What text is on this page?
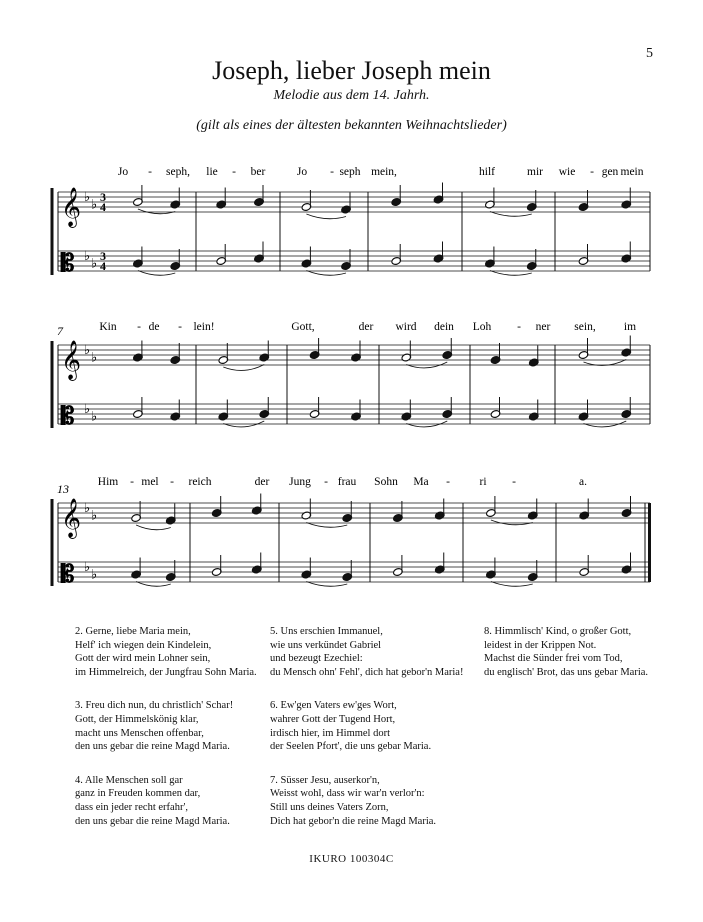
5
Joseph, lieber Joseph mein
Melodie aus dem 14. Jahrh.
(gilt als eines der ältesten bekannten Weihnachtslieder)
Jo - seph, lie - ber	Jo - seph mein,	hilf	mir wie - gen mein
Kin - de - lein!	Gott,	der wird dein Loh - ner sein, im
Him - mel - reich	der Jung - frau Sohn Ma -	ri -	a.
𝄞 ♭ ♭ 3
4
𝄡 ♭ ♭ 3
4
𝄞 ♭ ♭
𝄡 ♭ ♭
7
𝄞 ♭ ♭
𝄡 ♭ ♭
13
2. Gerne, liebe Maria mein,
Helf' ich wiegen dein Kindelein,
Gott der wird mein Lohner sein,
im Himmelreich, der Jungfrau Sohn Maria.
3. Freu dich nun, du christlich' Schar!
Gott, der Himmelskönig klar,
macht uns Menschen offenbar,
den uns gebar die reine Magd Maria.
4. Alle Menschen soll gar
ganz in Freuden kommen dar,
dass ein jeder recht erfahr',
den uns gebar die reine Magd Maria.
5. Uns erschien Immanuel,
wie uns verkündet Gabriel
und bezeugt Ezechiel:
du Mensch ohn' Fehl', dich hat gebor'n Maria!
6. Ew'gen Vaters ew'ges Wort,
wahrer Gott der Tugend Hort,
irdisch hier, im Himmel dort
der Seelen Pfort', die uns gebar Maria.
7. Süsser Jesu, auserkor'n,
Weisst wohl, dass wir war'n verlor'n:
Still uns deines Vaters Zorn,
Dich hat gebor'n die reine Magd Maria.
8. Himmlisch' Kind, o großer Gott,
leidest in der Krippen Not.
Machst die Sünder frei vom Tod,
du englisch' Brot, das uns gebar Maria.
IKURO 100304C
